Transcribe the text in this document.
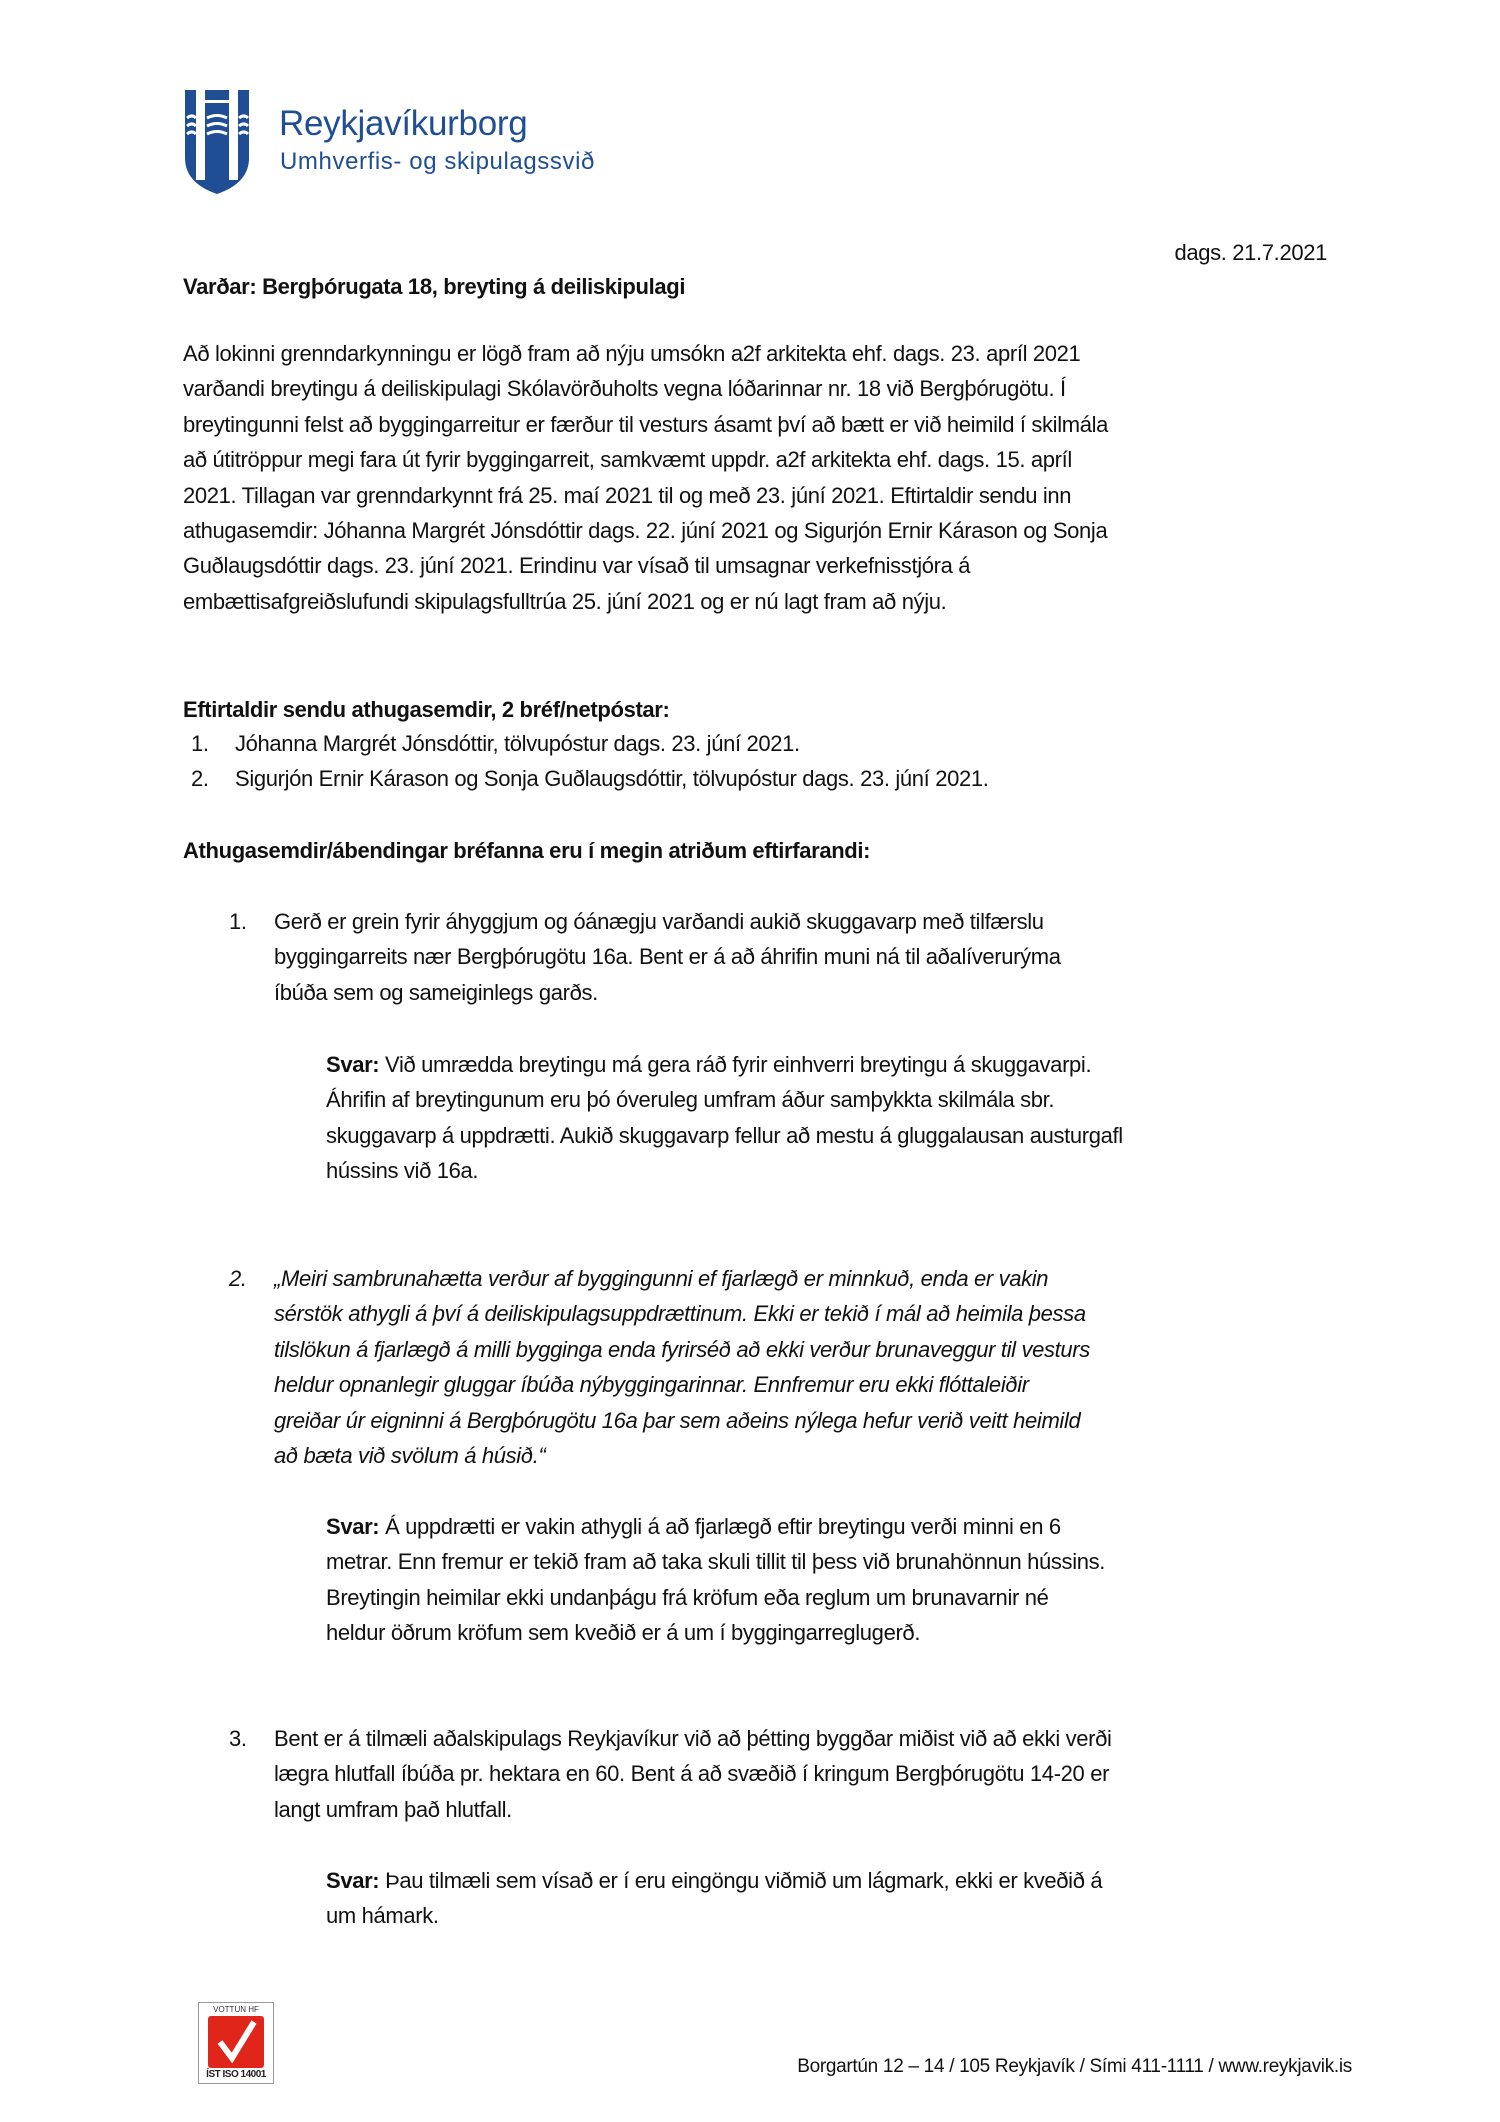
Reykjavíkurborg
Umhverfis- og skipulagssvið
dags. 21.7.2021
Varðar: Bergþórugata 18, breyting á deiliskipulagi
Að lokinni grenndarkynningu er lögð fram að nýju umsókn a2f arkitekta ehf. dags. 23. apríl 2021
varðandi breytingu á deiliskipulagi Skólavörðuholts vegna lóðarinnar nr. 18 við Bergþórugötu. Í
breytingunni felst að byggingarreitur er færður til vesturs ásamt því að bætt er við heimild í skilmála
að útitröppur megi fara út fyrir byggingarreit, samkvæmt uppdr. a2f arkitekta ehf. dags. 15. apríl
2021. Tillagan var grenndarkynnt frá 25. maí 2021 til og með 23. júní 2021. Eftirtaldir sendu inn
athugasemdir: Jóhanna Margrét Jónsdóttir dags. 22. júní 2021 og Sigurjón Ernir Kárason og Sonja
Guðlaugsdóttir dags. 23. júní 2021. Erindinu var vísað til umsagnar verkefnisstjóra á
embættisafgreiðslufundi skipulagsfulltrúa 25. júní 2021 og er nú lagt fram að nýju.
Eftirtaldir sendu athugasemdir, 2 bréf/netpóstar:
1. Jóhanna Margrét Jónsdóttir, tölvupóstur dags. 23. júní 2021.
2. Sigurjón Ernir Kárason og Sonja Guðlaugsdóttir, tölvupóstur dags. 23. júní 2021.
Athugasemdir/ábendingar bréfanna eru í megin atriðum eftirfarandi:
1. Gerð er grein fyrir áhyggjum og óánægju varðandi aukið skuggavarp með tilfærslu
byggingarreits nær Bergþórugötu 16a. Bent er á að áhrifin muni ná til aðalíverurýma
íbúða sem og sameiginlegs garðs.
Svar: Við umrædda breytingu má gera ráð fyrir einhverri breytingu á skuggavarpi.
Áhrifin af breytingunum eru þó óveruleg umfram áður samþykkta skilmála sbr.
skuggavarp á uppdrætti. Aukið skuggavarp fellur að mestu á gluggalausan austurgafl
hússins við 16a.
2. „Meiri sambrunahætta verður af byggingunni ef fjarlægð er minnkuð, enda er vakin
sérstök athygli á því á deiliskipulagsuppdrættinum. Ekki er tekið í mál að heimila þessa
tilslökun á fjarlægð á milli bygginga enda fyrirséð að ekki verður brunaveggur til vesturs
heldur opnanlegir gluggar íbúða nýbyggingarinnar. Ennfremur eru ekki flóttaleiðir
greiðar úr eigninni á Bergþórugötu 16a þar sem aðeins nýlega hefur verið veitt heimild
að bæta við svölum á húsið.“
Svar: Á uppdrætti er vakin athygli á að fjarlægð eftir breytingu verði minni en 6
metrar. Enn fremur er tekið fram að taka skuli tillit til þess við brunahönnun hússins.
Breytingin heimilar ekki undanþágu frá kröfum eða reglum um brunavarnir né
heldur öðrum kröfum sem kveðið er á um í byggingarreglugerð.
3. Bent er á tilmæli aðalskipulags Reykjavíkur við að þétting byggðar miðist við að ekki verði
lægra hlutfall íbúða pr. hektara en 60. Bent á að svæðið í kringum Bergþórugötu 14-20 er
langt umfram það hlutfall.
Svar: Þau tilmæli sem vísað er í eru eingöngu viðmið um lágmark, ekki er kveðið á
um hámark.
VOTTUN HF
ÍST ISO 14001	Borgartún 12 – 14 / 105 Reykjavík / Sími 411-1111 / www.reykjavik.is
